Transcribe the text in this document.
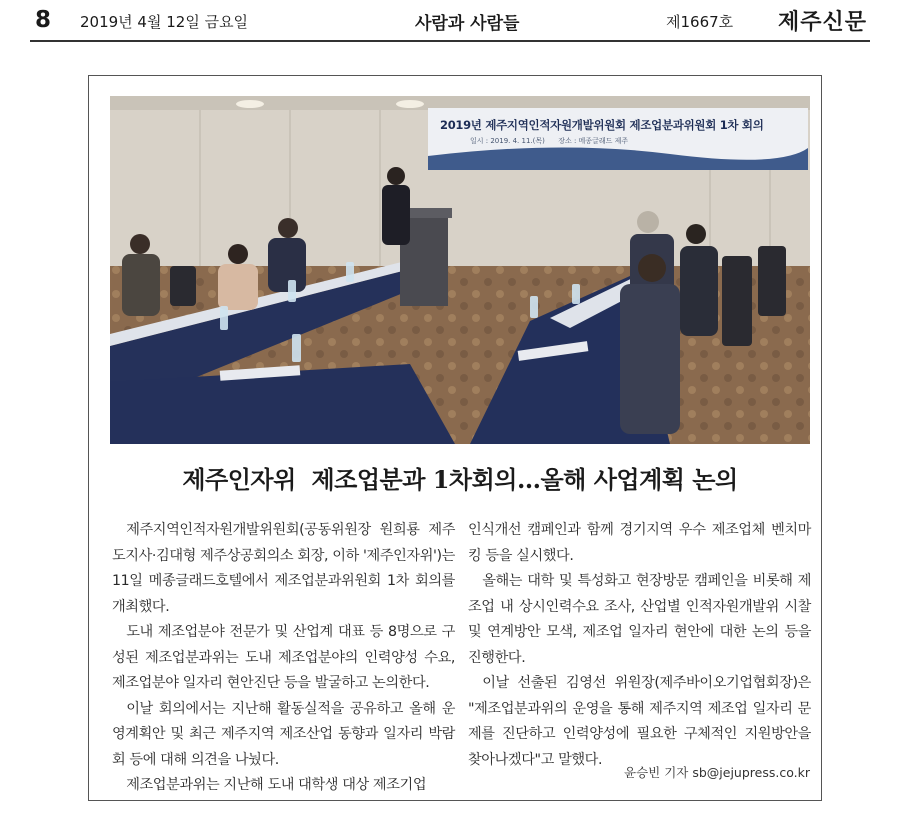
8 2019년 4월 12일 금요일	사람과 사람들	제1667호 제주신문
2019년 제주지역인적자원개발위원회 제조업분과위원회 1차 회의
일시 : 2019. 4. 11.(목)      장소 : 메종글래드 제주
제주인자위  제조업분과 1차회의…올해 사업계획 논의

제주지역인적자원개발위원회(공동위원장 원희룡 제주도지사·김대형 제주상공회의소 회장, 이하 '제주인자위')는 11일 메종글래드호텔에서 제조업분과위원회 1차 회의를 개최했다.

도내 제조업분야 전문가 및 산업계 대표 등 8명으로 구성된 제조업분과위는 도내 제조업분야의 인력양성 수요, 제조업분야 일자리 현안진단 등을 발굴하고 논의한다.

이날 회의에서는 지난해 활동실적을 공유하고 올해 운영계획안 및 최근 제주지역 제조산업 동향과 일자리 박람회 등에 대해 의견을 나눴다.

제조업분과위는 지난해 도내 대학생 대상 제조기업

인식개선 캠페인과 함께 경기지역 우수 제조업체 벤치마킹 등을 실시했다.

올해는 대학 및 특성화고 현장방문 캠페인을 비롯해 제조업 내 상시인력수요 조사, 산업별 인적자원개발위 시찰 및 연계방안 모색, 제조업 일자리 현안에 대한 논의 등을 진행한다.

이날 선출된 김영선 위원장(제주바이오기업협회장)은 "제조업분과위의 운영을 통해 제주지역 제조업 일자리 문제를 진단하고 인력양성에 필요한 구체적인 지원방안을 찾아나겠다"고 말했다.

윤승빈 기자 sb@jejupress.co.kr
